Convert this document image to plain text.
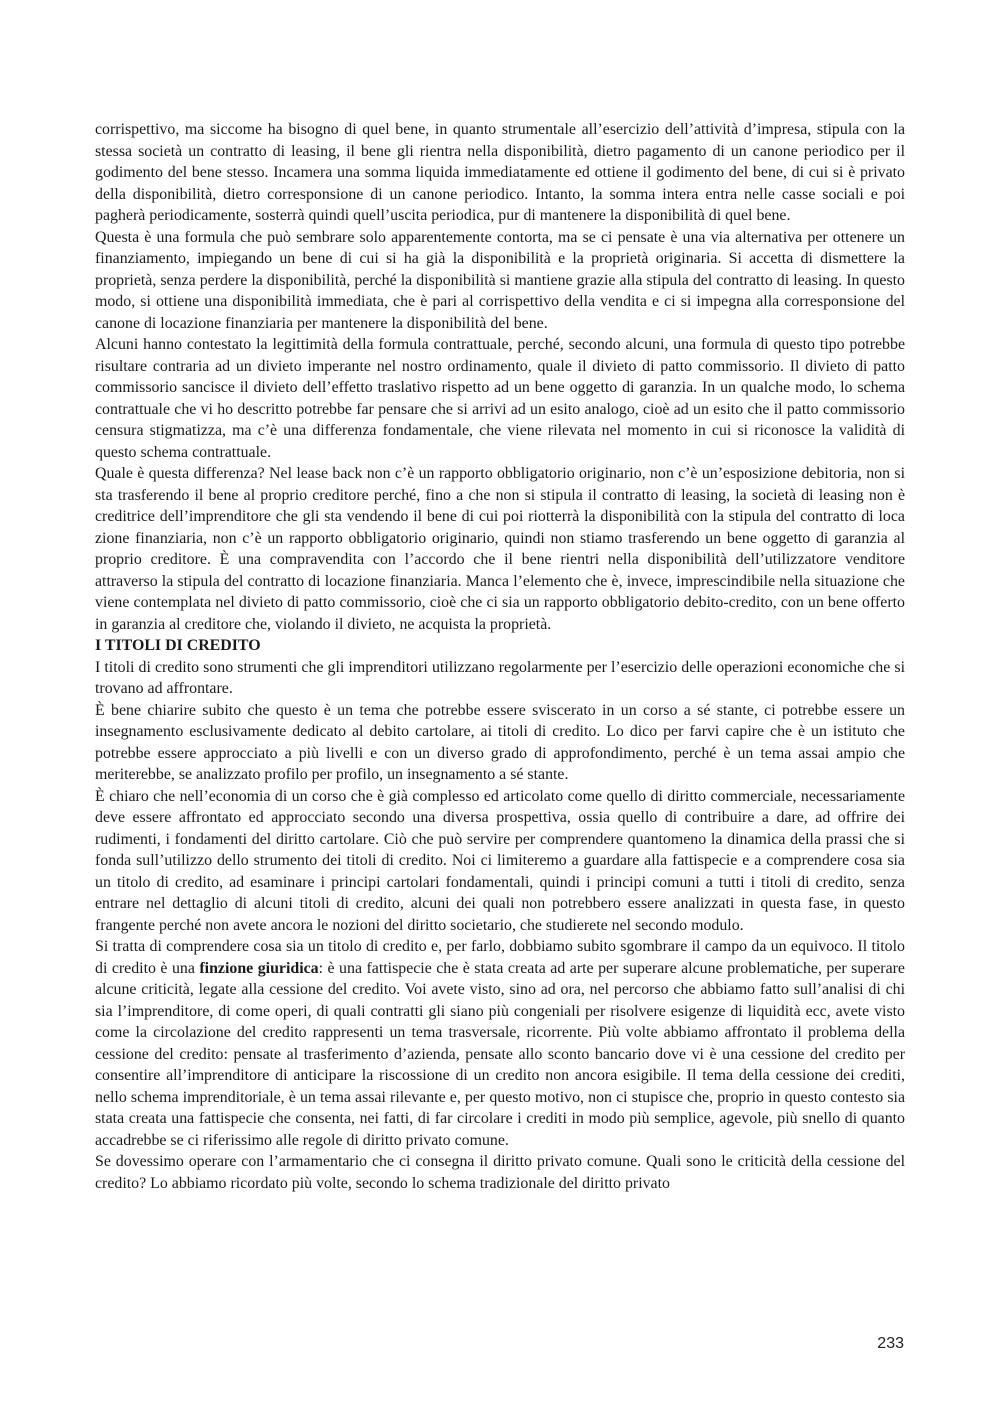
corrispettivo, ma siccome ha bisogno di quel bene, in quanto strumentale all’esercizio dell’attività d’impresa, stipula con la stessa società un contratto di leasing, il bene gli rientra nella disponibilità, dietro pagamento di un canone periodico per il godimento del bene stesso. Incamera una somma liquida immediatamente ed ottiene il godimento del bene, di cui si è privato della disponibilità, dietro corresponsione di un canone periodico. Intanto, la somma intera entra nelle casse sociali e poi pagherà periodicamente, sosterrà quindi quell’uscita periodica, pur di mantenere la disponibilità di quel bene.

Questa è una formula che può sembrare solo apparentemente contorta, ma se ci pensate è una via alternativa per ottenere un finanziamento, impiegando un bene di cui si ha già la disponibilità e la proprietà originaria. Si accetta di dismettere la proprietà, senza perdere la disponibilità, perché la disponibilità si mantiene grazie alla stipula del contratto di leasing. In questo modo, si ottiene una disponibilità immediata, che è pari al corrispettivo della vendita e ci si impegna alla corresponsione del canone di locazione finanziaria per mantenere la disponibilità del bene.

Alcuni hanno contestato la legittimità della formula contrattuale, perché, secondo alcuni, una formula di questo tipo potrebbe risultare contraria ad un divieto imperante nel nostro ordinamento, quale il divieto di patto commissorio. Il divieto di patto commissorio sancisce il divieto dell’effetto traslativo rispetto ad un bene oggetto di garanzia. In un qualche modo, lo schema contrattuale che vi ho descritto potrebbe far pensare che si arrivi ad un esito analogo, cioè ad un esito che il patto commissorio censura stigmatizza, ma c’è una differenza fondamentale, che viene rilevata nel momento in cui si riconosce la validità di questo schema contrattuale.

Quale è questa differenza? Nel lease back non c’è un rapporto obbligatorio originario, non c’è un’esposizione debitoria, non si sta trasferendo il bene al proprio creditore perché, fino a che non si stipula il contratto di leasing, la società di leasing non è creditrice dell’imprenditore che gli sta vendendo il bene di cui poi riotterrà la disponibilità con la stipula del contratto di loca zione finanziaria, non c’è un rapporto obbligatorio originario, quindi non stiamo trasferendo un bene oggetto di garanzia al proprio creditore. È una compravendita con l’accordo che il bene rientri nella disponibilità dell’utilizzatore venditore attraverso la stipula del contratto di locazione finanziaria. Manca l’elemento che è, invece, imprescindibile nella situazione che viene contemplata nel divieto di patto commissorio, cioè che ci sia un rapporto obbligatorio debito-credito, con un bene offerto in garanzia al creditore che, violando il divieto, ne acquista la proprietà.

I TITOLI DI CREDITO

I titoli di credito sono strumenti che gli imprenditori utilizzano regolarmente per l’esercizio delle operazioni economiche che si trovano ad affrontare.

È bene chiarire subito che questo è un tema che potrebbe essere sviscerato in un corso a sé stante, ci potrebbe essere un insegnamento esclusivamente dedicato al debito cartolare, ai titoli di credito. Lo dico per farvi capire che è un istituto che potrebbe essere approcciato a più livelli e con un diverso grado di approfondimento, perché è un tema assai ampio che meriterebbe, se analizzato profilo per profilo, un insegnamento a sé stante.

È chiaro che nell’economia di un corso che è già complesso ed articolato come quello di diritto commerciale, necessariamente deve essere affrontato ed approcciato secondo una diversa prospettiva, ossia quello di contribuire a dare, ad offrire dei rudimenti, i fondamenti del diritto cartolare. Ciò che può servire per comprendere quantomeno la dinamica della prassi che si fonda sull’utilizzo dello strumento dei titoli di credito. Noi ci limiteremo a guardare alla fattispecie e a comprendere cosa sia un titolo di credito, ad esaminare i principi cartolari fondamentali, quindi i principi comuni a tutti i titoli di credito, senza entrare nel dettaglio di alcuni titoli di credito, alcuni dei quali non potrebbero essere analizzati in questa fase, in questo frangente perché non avete ancora le nozioni del diritto societario, che studierete nel secondo modulo.

Si tratta di comprendere cosa sia un titolo di credito e, per farlo, dobbiamo subito sgombrare il campo da un equivoco. Il titolo di credito è una finzione giuridica: è una fattispecie che è stata creata ad arte per superare alcune problematiche, per superare alcune criticità, legate alla cessione del credito. Voi avete visto, sino ad ora, nel percorso che abbiamo fatto sull’analisi di chi sia l’imprenditore, di come operi, di quali contratti gli siano più congeniali per risolvere esigenze di liquidità ecc, avete visto come la circolazione del credito rappresenti un tema trasversale, ricorrente. Più volte abbiamo affrontato il problema della cessione del credito: pensate al trasferimento d’azienda, pensate allo sconto bancario dove vi è una cessione del credito per consentire all’imprenditore di anticipare la riscossione di un credito non ancora esigibile. Il tema della cessione dei crediti, nello schema imprenditoriale, è un tema assai rilevante e, per questo motivo, non ci stupisce che, proprio in questo contesto sia stata creata una fattispecie che consenta, nei fatti, di far circolare i crediti in modo più semplice, agevole, più snello di quanto accadrebbe se ci riferissimo alle regole di diritto privato comune.

Se dovessimo operare con l’armamentario che ci consegna il diritto privato comune. Quali sono le criticità della cessione del credito? Lo abbiamo ricordato più volte, secondo lo schema tradizionale del diritto privato

233
